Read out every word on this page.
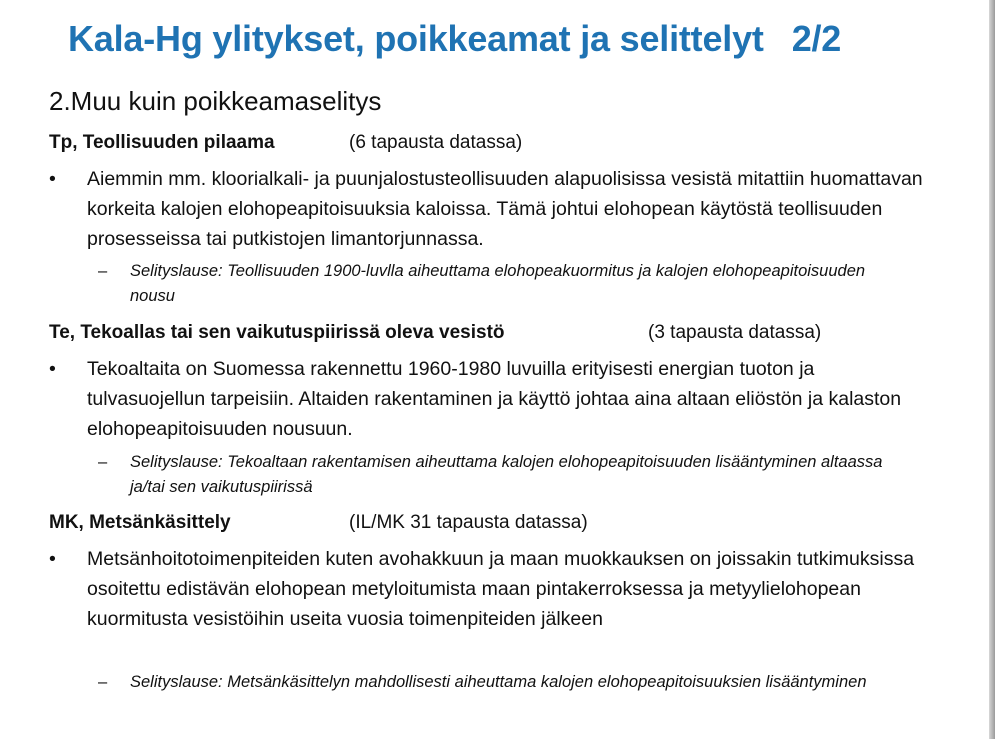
Kala-Hg ylitykset, poikkeamat ja selittelyt 2/2
2.Muu kuin poikkeamaselitys
Tp, Teollisuuden pilaama	(6 tapausta datassa)
• Aiemmin mm. kloorialkali- ja puunjalostusteollisuuden alapuolisissa vesistä mitattiin huomattavan korkeita kalojen elohopeapitoisuuksia kaloissa. Tämä johtui elohopean käytöstä teollisuuden prosesseissa tai putkistojen limantorjunnassa.
– Selityslause: Teollisuuden 1900-luvlla aiheuttama elohopeakuormitus ja kalojen elohopeapitoisuuden nousu
Te, Tekoallas tai sen vaikutuspiirissä oleva vesistö	(3 tapausta datassa)
• Tekoaltaita on Suomessa rakennettu 1960-1980 luvuilla erityisesti energian tuoton ja tulvasuojellun tarpeisiin. Altaiden rakentaminen ja käyttö johtaa aina altaan eliöstön ja kalaston elohopeapitoisuuden nousuun.
– Selityslause: Tekoaltaan rakentamisen aiheuttama kalojen elohopeapitoisuuden lisääntyminen altaassa ja/tai sen vaikutuspiirissä
MK, Metsänkäsittely	(IL/MK 31 tapausta datassa)
• Metsänhoitotoimenpiteiden kuten avohakkuun ja maan muokkauksen on joissakin tutkimuksissa osoitettu edistävän elohopean metyloitumista maan pintakerroksessa ja metyylielohopean kuormitusta vesistöihin useita vuosia toimenpiteiden jälkeen
– Selityslause: Metsänkäsittelyn mahdollisesti aiheuttama kalojen elohopeapitoisuuksien lisääntyminen
